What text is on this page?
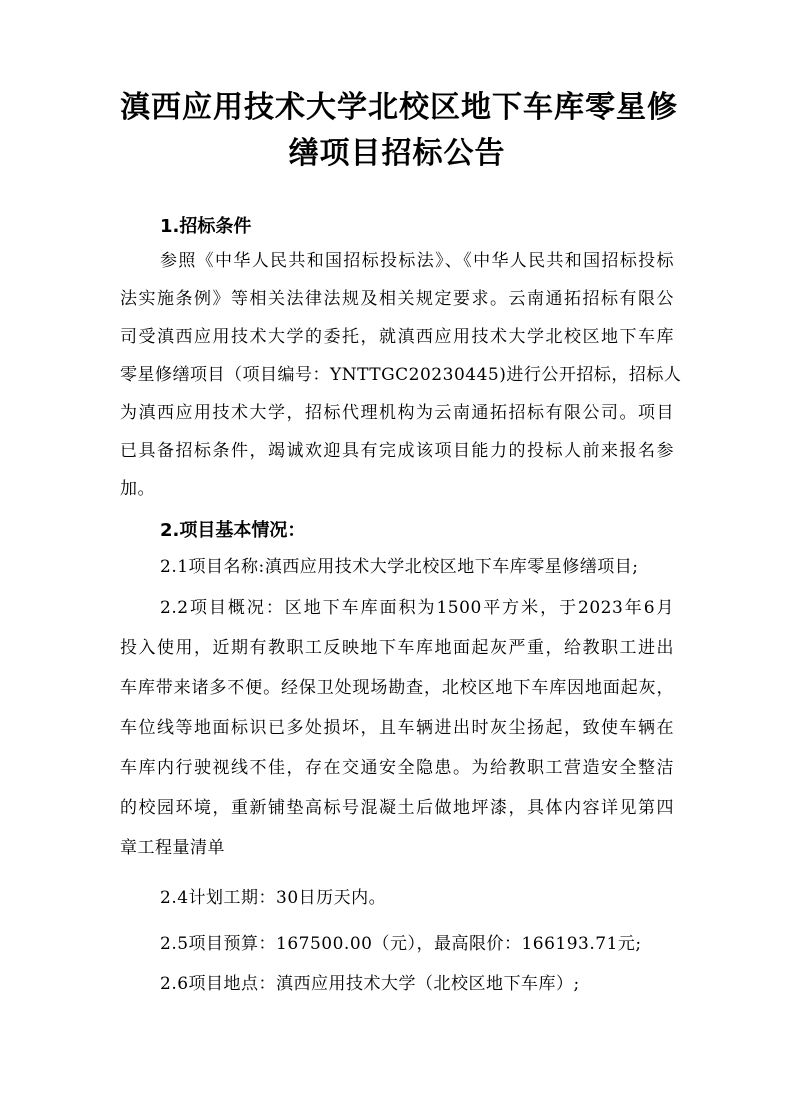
滇西应用技术大学北校区地下车库零星修
缮项目招标公告
1.招标条件
参照《中华人民共和国招标投标法》、《中华人民共和国招标投标
法实施条例》等相关法律法规及相关规定要求。云南通拓招标有限公
司受滇西应用技术大学的委托，就滇西应用技术大学北校区地下车库
零星修缮项目（项目编号：YNTTGC20230445)进行公开招标，招标人
为滇西应用技术大学，招标代理机构为云南通拓招标有限公司。项目
已具备招标条件，竭诚欢迎具有完成该项目能力的投标人前来报名参
加。
2.项目基本情况：
2.1项目名称:滇西应用技术大学北校区地下车库零星修缮项目;
2.2项目概况：区地下车库面积为1500平方米，于2023年6月
投入使用，近期有教职工反映地下车库地面起灰严重，给教职工进出
车库带来诸多不便。经保卫处现场勘查，北校区地下车库因地面起灰，
车位线等地面标识已多处损坏，且车辆进出时灰尘扬起，致使车辆在
车库内行驶视线不佳，存在交通安全隐患。为给教职工营造安全整洁
的校园环境，重新铺垫高标号混凝土后做地坪漆，具体内容详见第四
章工程量清单
2.4计划工期：30日历天内。
2.5项目预算：167500.00（元），最高限价：166193.71元;
2.6项目地点：滇西应用技术大学（北校区地下车库）;
